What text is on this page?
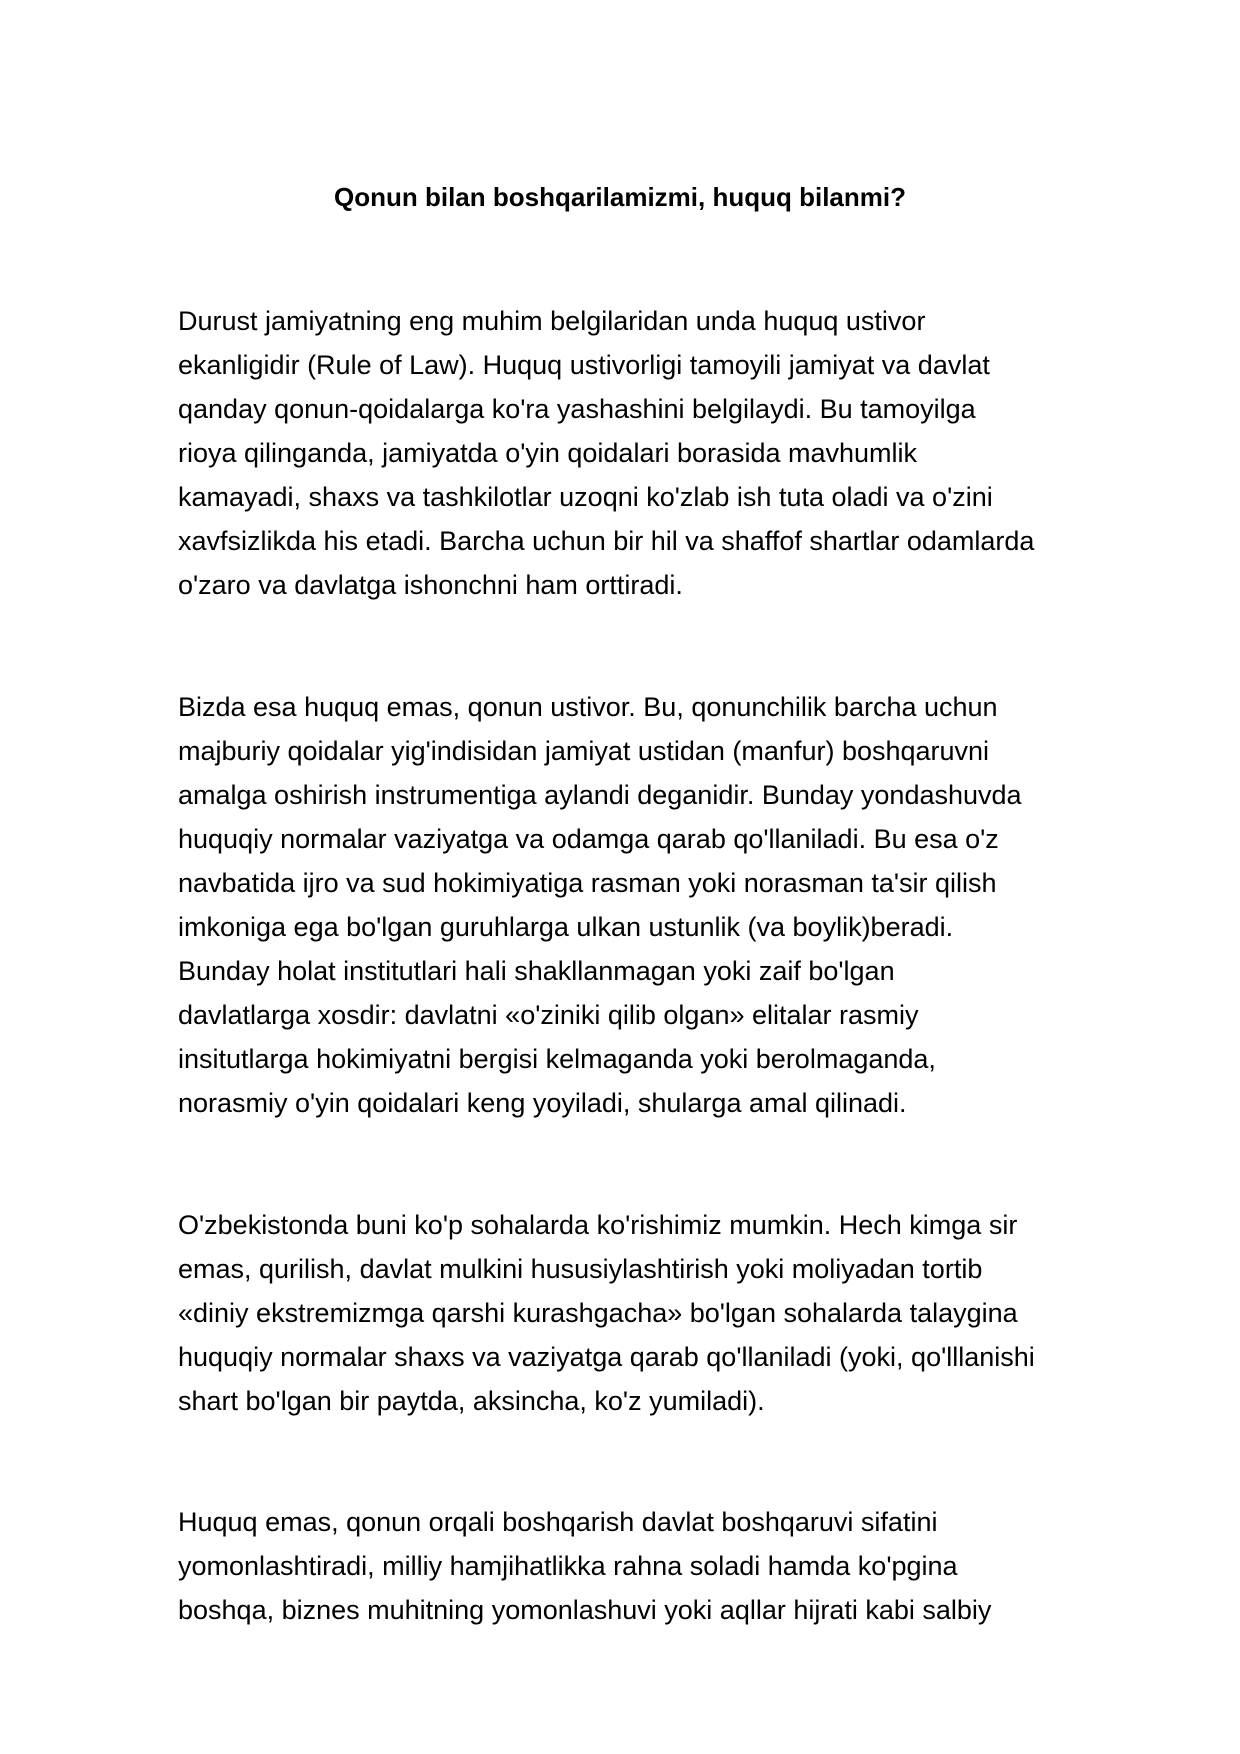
Qonun bilan boshqarilamizmi, huquq bilanmi?

Durust jamiyatning eng muhim belgilaridan unda huquq ustivor
ekanligidir (Rule of Law). Huquq ustivorligi tamoyili jamiyat va davlat
qanday qonun-qoidalarga ko'ra yashashini belgilaydi. Bu tamoyilga
rioya qilinganda, jamiyatda o'yin qoidalari borasida mavhumlik
kamayadi, shaxs va tashkilotlar uzoqni ko'zlab ish tuta oladi va o'zini
xavfsizlikda his etadi. Barcha uchun bir hil va shaffof shartlar odamlarda
o'zaro va davlatga ishonchni ham orttiradi.

Bizda esa huquq emas, qonun ustivor. Bu, qonunchilik barcha uchun
majburiy qoidalar yig'indisidan jamiyat ustidan (manfur) boshqaruvni
amalga oshirish instrumentiga aylandi deganidir. Bunday yondashuvda
huquqiy normalar vaziyatga va odamga qarab qo'llaniladi. Bu esa o'z
navbatida ijro va sud hokimiyatiga rasman yoki norasman ta'sir qilish
imkoniga ega bo'lgan guruhlarga ulkan ustunlik (va boylik)beradi.
Bunday holat institutlari hali shakllanmagan yoki zaif bo'lgan
davlatlarga xosdir: davlatni «o'ziniki qilib olgan» elitalar rasmiy
insitutlarga hokimiyatni bergisi kelmaganda yoki berolmaganda,
norasmiy o'yin qoidalari keng yoyiladi, shularga amal qilinadi.

O'zbekistonda buni ko'p sohalarda ko'rishimiz mumkin. Hech kimga sir
emas, qurilish, davlat mulkini hususiylashtirish yoki moliyadan tortib
«diniy ekstremizmga qarshi kurashgacha» bo'lgan sohalarda talaygina
huquqiy normalar shaxs va vaziyatga qarab qo'llaniladi (yoki, qo'lllanishi
shart bo'lgan bir paytda, aksincha, ko'z yumiladi).

Huquq emas, qonun orqali boshqarish davlat boshqaruvi sifatini
yomonlashtiradi, milliy hamjihatlikka rahna soladi hamda ko'pgina
boshqa, biznes muhitning yomonlashuvi yoki aqllar hijrati kabi salbiy
